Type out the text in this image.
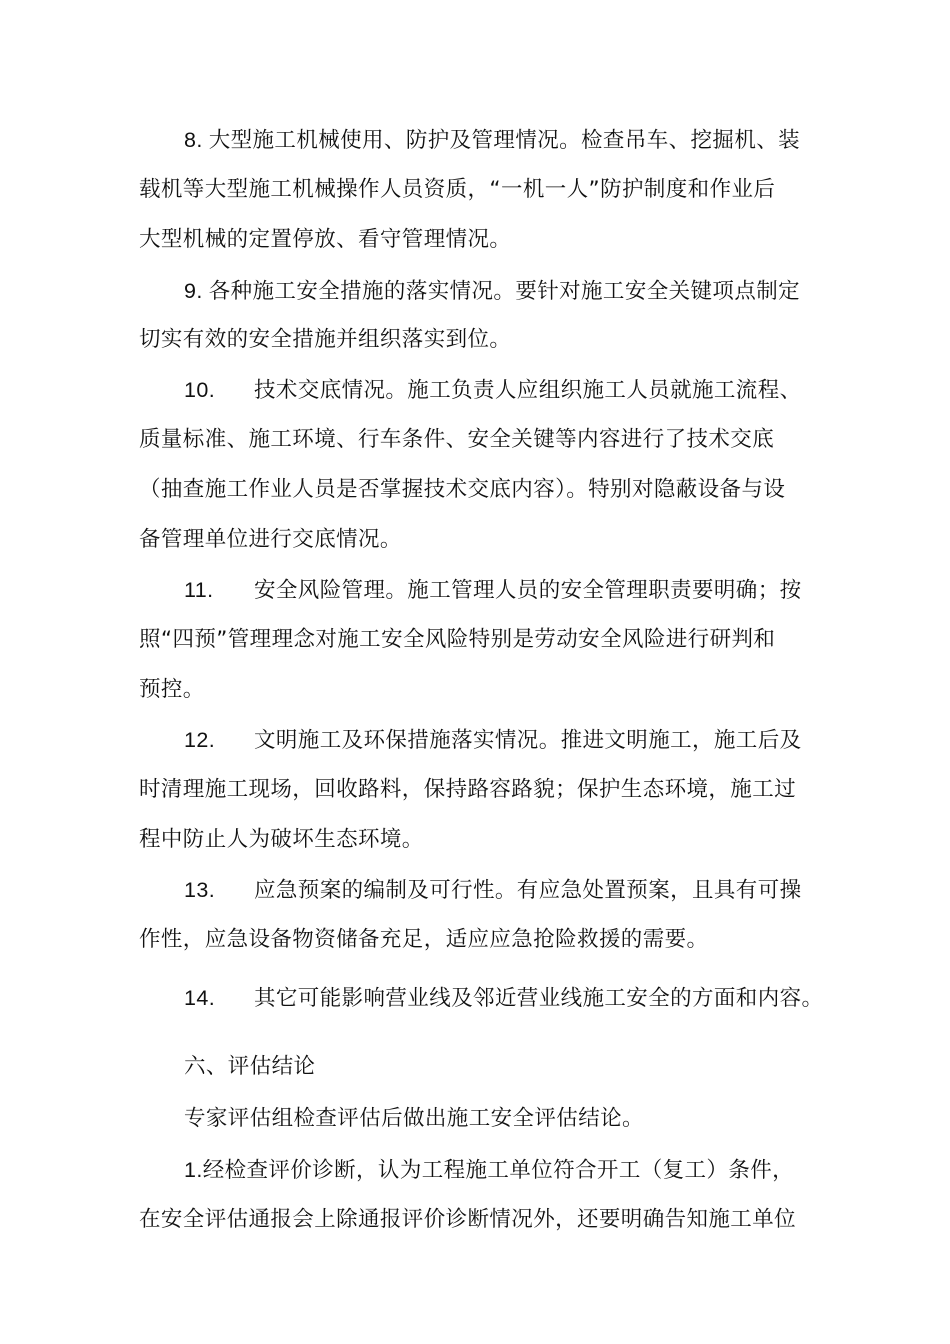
8. 大型施工机械使用、防护及管理情况。检查吊车、挖掘机、装
载机等大型施工机械操作人员资质，“一机一人”防护制度和作业后
大型机械的定置停放、看守管理情况。
9. 各种施工安全措施的落实情况。要针对施工安全关键项点制定
切实有效的安全措施并组织落实到位。
10. 技术交底情况。施工负责人应组织施工人员就施工流程、
质量标准、施工环境、行车条件、安全关键等内容进行了技术交底
（抽查施工作业人员是否掌握技术交底内容）。特别对隐蔽设备与设
备管理单位进行交底情况。
11. 安全风险管理。施工管理人员的安全管理职责要明确；按
照“四预”管理理念对施工安全风险特别是劳动安全风险进行研判和
预控。
12. 文明施工及环保措施落实情况。推进文明施工，施工后及
时清理施工现场，回收路料，保持路容路貌；保护生态环境，施工过
程中防止人为破坏生态环境。
13. 应急预案的编制及可行性。有应急处置预案，且具有可操
作性，应急设备物资储备充足，适应应急抢险救援的需要。
14. 其它可能影响营业线及邻近营业线施工安全的方面和内容。
六、评估结论
专家评估组检查评估后做出施工安全评估结论。
1.经检查评价诊断，认为工程施工单位符合开工（复工）条件，
在安全评估通报会上除通报评价诊断情况外，还要明确告知施工单位
